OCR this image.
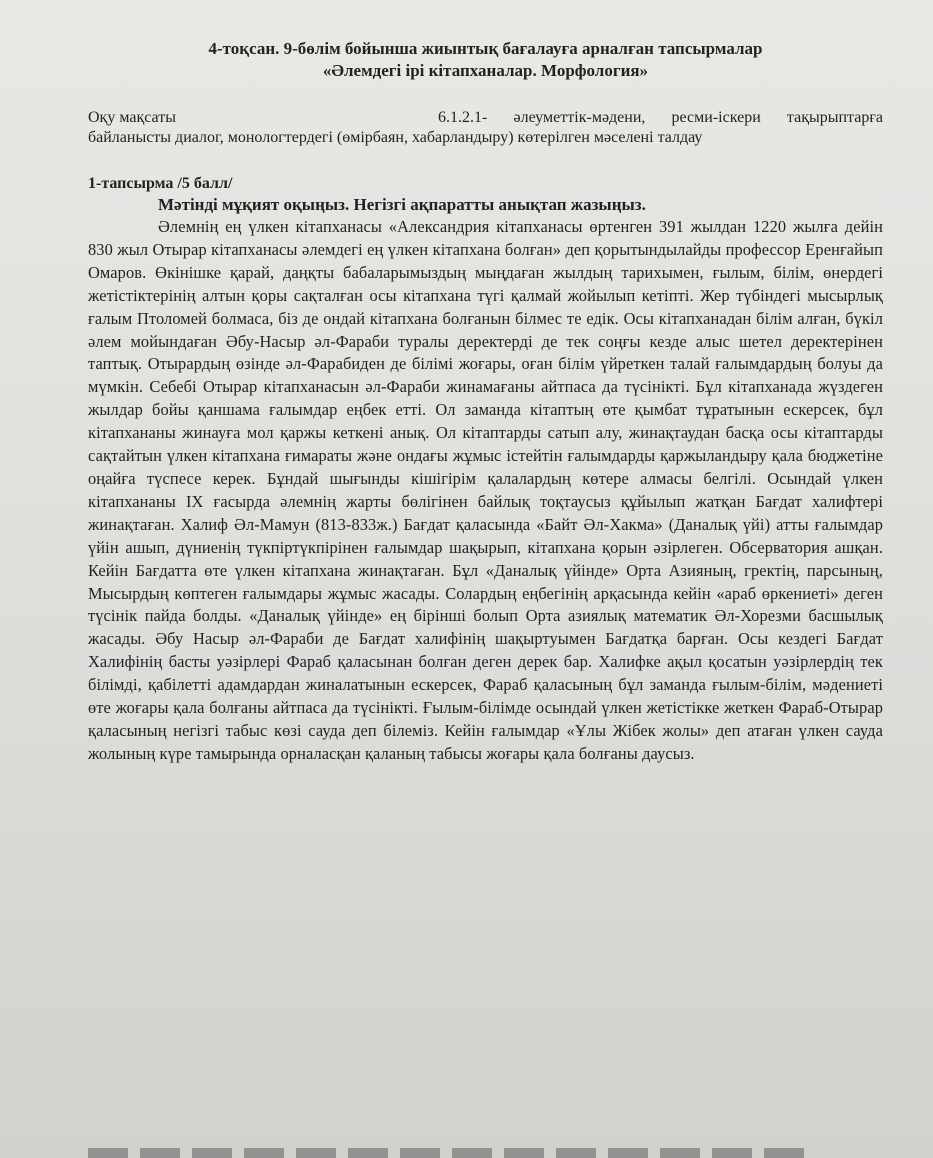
4-тоқсан. 9-бөлім бойынша жиынтық бағалауға арналған тапсырмалар
«Әлемдегі ірі кітапханалар. Морфология»

Оқу мақсаты	6.1.2.1- әлеуметтік-мәдени, ресми-іскери тақырыптарға байланысты диалог, монологтердегі (өмірбаян, хабарландыру) көтерілген мәселені талдау

1-тапсырма /5 балл/
Мәтінді мұқият оқыңыз. Негізгі ақпаратты анықтап жазыңыз.

Әлемнің ең үлкен кітапханасы «Александрия кітапханасы өртенген 391 жылдан 1220 жылға дейін 830 жыл Отырар кітапханасы әлемдегі ең үлкен кітапхана болған» деп қорытындылайды профессор Еренғайып Омаров. Өкінішке қарай, даңқты бабаларымыздың мыңдаған жылдың тарихымен, ғылым, білім, өнердегі жетістіктерінің алтын қоры сақталған осы кітапхана түгі қалмай жойылып кетіпті. Жер түбіндегі мысырлық ғалым Птоломей болмаса, біз де ондай кітапхана болғанын білмес те едік. Осы кітапханадан білім алған, бүкіл әлем мойындаған Әбу-Насыр әл-Фараби туралы деректерді де тек соңғы кезде алыс шетел деректерінен таптық. Отырардың өзінде әл-Фарабиден де білімі жоғары, оған білім үйреткен талай ғалымдардың болуы да мүмкін. Себебі Отырар кітапханасын әл-Фараби жинамағаны айтпаса да түсінікті. Бұл кітапханада жүздеген жылдар бойы қаншама ғалымдар еңбек етті. Ол заманда кітаптың өте қымбат тұратынын ескерсек, бұл кітапхананы жинауға мол қаржы кеткені анық. Ол кітаптарды сатып алу, жинақтаудан басқа осы кітаптарды сақтайтын үлкен кітапхана ғимараты және ондағы жұмыс істейтін ғалымдарды қаржыландыру қала бюджетіне оңайға түспесе керек. Бұндай шығынды кішігірім қалалардың көтере алмасы белгілі. Осындай үлкен кітапхананы IX ғасырда әлемнің жарты бөлігінен байлық тоқтаусыз құйылып жатқан Бағдат халифтері жинақтаған. Халиф Әл-Мамун (813-833ж.) Бағдат қаласында «Байт Әл-Хакма» (Даналық үйі) атты ғалымдар үйін ашып, дүниенің түкпіртүкпірінен ғалымдар шақырып, кітапхана қорын әзірлеген. Обсерватория ашқан. Кейін Бағдатта өте үлкен кітапхана жинақтаған. Бұл «Даналық үйінде» Орта Азияның, гректің, парсының, Мысырдың көптеген ғалымдары жұмыс жасады. Солардың еңбегінің арқасында кейін «араб өркениеті» деген түсінік пайда болды. «Даналық үйінде» ең бірінші болып Орта азиялық математик Әл-Хорезми басшылық жасады. Әбу Насыр әл-Фараби де Бағдат халифінің шақыртуымен Бағдатқа барған. Осы кездегі Бағдат Халифінің басты уәзірлері Фараб қаласынан болған деген дерек бар. Халифке ақыл қосатын уәзірлердің тек білімді, қабілетті адамдардан жиналатынын ескерсек, Фараб қаласының бұл заманда ғылым-білім, мәдениеті өте жоғары қала болғаны айтпаса да түсінікті. Ғылым-білімде осындай үлкен жетістікке жеткен Фараб-Отырар қаласының негізгі табыс көзі сауда деп білеміз. Кейін ғалымдар «Ұлы Жібек жолы» деп атаған үлкен сауда жолының күре тамырында орналасқан қаланың табысы жоғары қала болғаны даусыз.
